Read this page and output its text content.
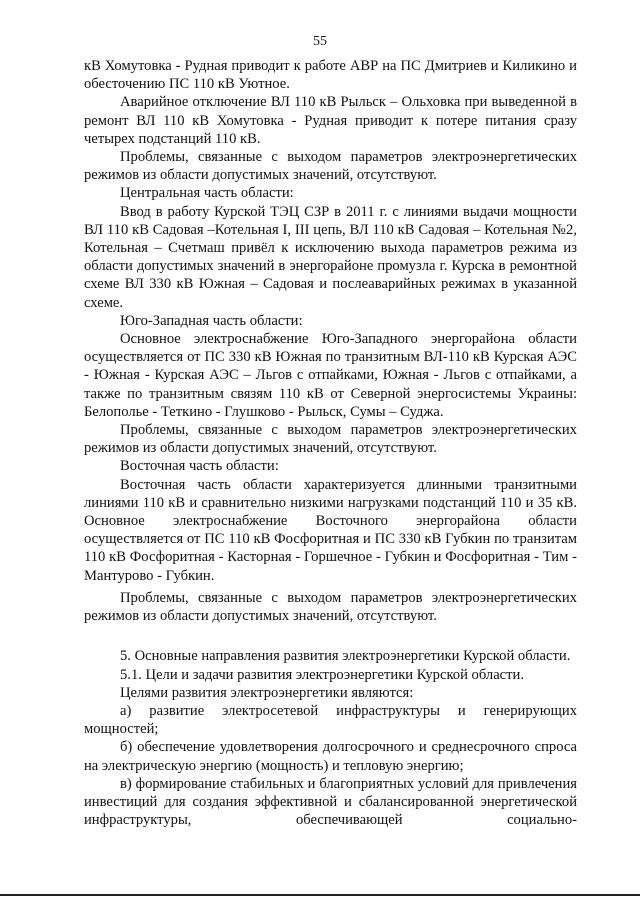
55

кВ Хомутовка - Рудная приводит к работе АВР на ПС Дмитриев и Киликино и обесточению ПС 110 кВ Уютное.

Аварийное отключение ВЛ 110 кВ Рыльск – Ольховка при выведенной в ремонт ВЛ 110 кВ Хомутовка - Рудная приводит к потере питания сразу четырех подстанций 110 кВ.

Проблемы, связанные с выходом параметров электроэнергетических режимов из области допустимых значений, отсутствуют.

Центральная часть области:

Ввод в работу Курской ТЭЦ СЗР в 2011 г. с линиями выдачи мощности ВЛ 110 кВ Садовая –Котельная I, III цепь, ВЛ 110 кВ Садовая – Котельная №2, Котельная – Счетмаш привёл к исключению выхода параметров режима из области допустимых значений в энергорайоне промузла г. Курска в ремонтной схеме ВЛ 330 кВ Южная – Садовая и послеаварийных режимах в указанной схеме.

Юго-Западная часть области:

Основное электроснабжение Юго-Западного энергорайона области осуществляется от ПС 330 кВ Южная по транзитным ВЛ-110 кВ Курская АЭС - Южная - Курская АЭС – Льгов с отпайками, Южная - Льгов с отпайками, а также по транзитным связям 110 кВ от Северной энергосистемы Украины: Белополье - Теткино - Глушково - Рыльск, Сумы – Суджа.

Проблемы, связанные с выходом параметров электроэнергетических режимов из области допустимых значений, отсутствуют.

Восточная часть области:

Восточная часть области характеризуется длинными транзитными линиями 110 кВ и сравнительно низкими нагрузками подстанций 110 и 35 кВ. Основное электроснабжение Восточного энергорайона области осуществляется от ПС 110 кВ Фосфоритная и ПС 330 кВ Губкин по транзитам 110 кВ Фосфоритная - Касторная - Горшечное - Губкин и Фосфоритная - Тим - Мантурово - Губкин.

Проблемы, связанные с выходом параметров электроэнергетических режимов из области допустимых значений, отсутствуют.

5. Основные направления развития электроэнергетики Курской области.

5.1. Цели и задачи развития электроэнергетики Курской области.

Целями развития электроэнергетики являются:

а) развитие электросетевой инфраструктуры и генерирующих мощностей;

б) обеспечение удовлетворения долгосрочного и среднесрочного спроса на электрическую энергию (мощность) и тепловую энергию;

в) формирование стабильных и благоприятных условий для привлечения инвестиций для создания эффективной и сбалансированной энергетической инфраструктуры, обеспечивающей социально-
